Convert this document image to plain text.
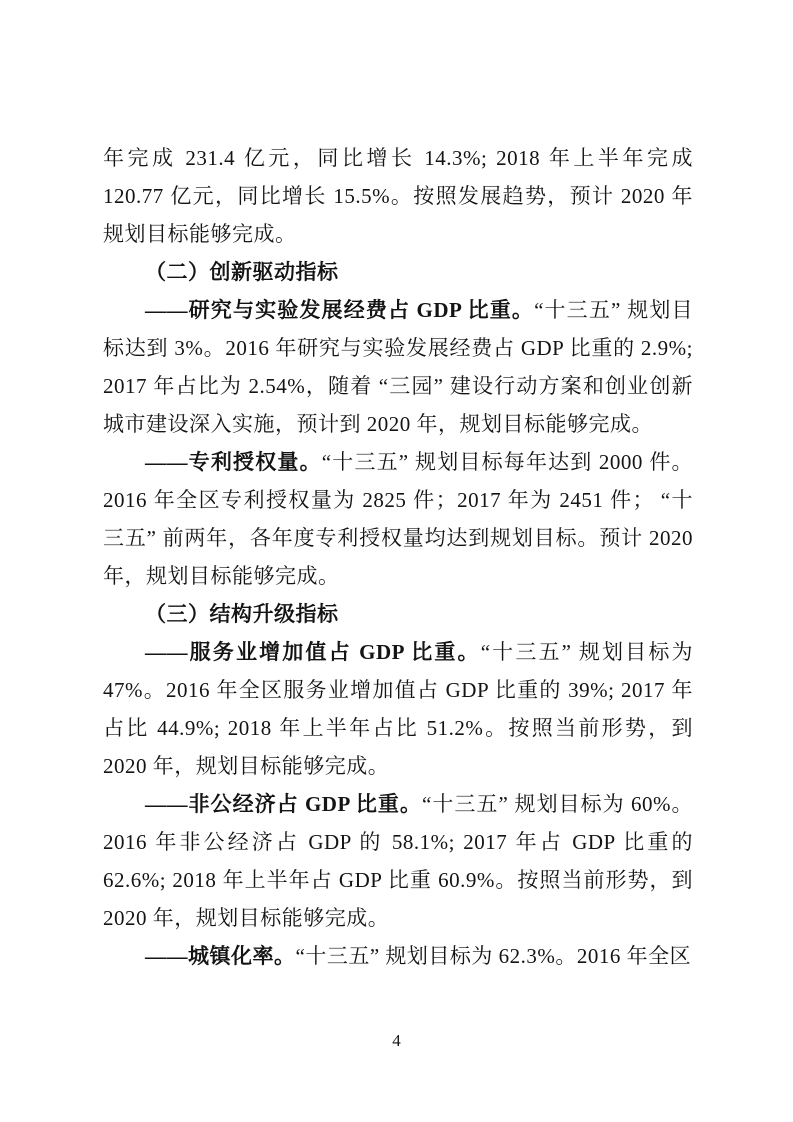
年完成 231.4 亿元，同比增长 14.3%; 2018 年上半年完成 120.77 亿元，同比增长 15.5%。按照发展趋势，预计 2020 年规划目标能够完成。

（二）创新驱动指标

——研究与实验发展经费占 GDP 比重。“十三五” 规划目标达到 3%。2016 年研究与实验发展经费占 GDP 比重的 2.9%; 2017 年占比为 2.54%，随着 “三园” 建设行动方案和创业创新城市建设深入实施，预计到 2020 年，规划目标能够完成。

——专利授权量。“十三五” 规划目标每年达到 2000 件。2016 年全区专利授权量为 2825 件；2017 年为 2451 件； “十三五” 前两年，各年度专利授权量均达到规划目标。预计 2020 年，规划目标能够完成。

（三）结构升级指标

——服务业增加值占 GDP 比重。“十三五” 规划目标为 47%。2016 年全区服务业增加值占 GDP 比重的 39%; 2017 年占比 44.9%; 2018 年上半年占比 51.2%。按照当前形势，到 2020 年，规划目标能够完成。

——非公经济占 GDP 比重。“十三五” 规划目标为 60%。2016 年非公经济占 GDP 的 58.1%; 2017 年占 GDP 比重的 62.6%; 2018 年上半年占 GDP 比重 60.9%。按照当前形势，到 2020 年，规划目标能够完成。

——城镇化率。“十三五” 规划目标为 62.3%。2016 年全区

4
